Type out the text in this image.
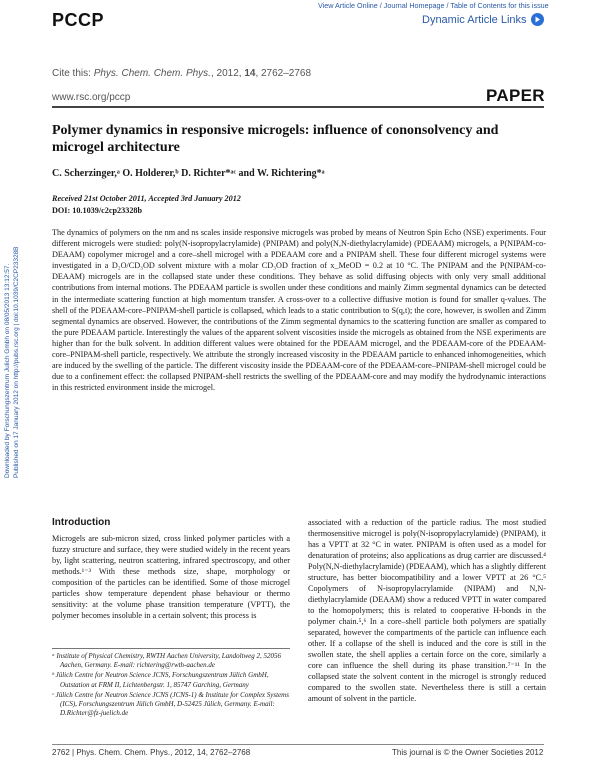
PCCP
View Article Online / Journal Homepage / Table of Contents for this issue
Dynamic Article Links
Cite this: Phys. Chem. Chem. Phys., 2012, 14, 2762–2768
www.rsc.org/pccp	PAPER
Polymer dynamics in responsive microgels: influence of cononsolvency and microgel architecture
C. Scherzinger,ᵃ O. Holderer,ᵇ D. Richter*ᵃᶜ and W. Richtering*ᵃ
Received 21st October 2011, Accepted 3rd January 2012
DOI: 10.1039/c2cp23328b

The dynamics of polymers on the nm and ns scales inside responsive microgels was probed by means of Neutron Spin Echo (NSE) experiments. Four different microgels were studied: poly(N-isopropylacrylamide) (PNIPAM) and poly(N,N-diethylacrylamide) (PDEAAM) microgels, a P(NIPAM-co-DEAAM) copolymer microgel and a core–shell microgel with a PDEAAM core and a PNIPAM shell. These four different microgel systems were investigated in a D₂O/CD₃OD solvent mixture with a molar CD₃OD fraction of x_MeOD = 0.2 at 10 °C. The PNIPAM and the P(NIPAM-co-DEAAM) microgels are in the collapsed state under these conditions. They behave as solid diffusing objects with only very small additional contributions from internal motions. The PDEAAM particle is swollen under these conditions and mainly Zimm segmental dynamics can be detected in the intermediate scattering function at high momentum transfer. A cross-over to a collective diffusive motion is found for smaller q-values. The shell of the PDEAAM-core–PNIPAM-shell particle is collapsed, which leads to a static contribution to S(q,t); the core, however, is swollen and Zimm segmental dynamics are observed. However, the contributions of the Zimm segmental dynamics to the scattering function are smaller as compared to the pure PDEAAM particle. Interestingly the values of the apparent solvent viscosities inside the microgels as obtained from the NSE experiments are higher than for the bulk solvent. In addition different values were obtained for the PDEAAM microgel, and the PDEAAM-core of the PDEAAM-core–PNIPAM-shell particle, respectively. We attribute the strongly increased viscosity in the PDEAAM particle to enhanced inhomogeneities, which are induced by the swelling of the particle. The different viscosity inside the PDEAAM-core of the PDEAAM-core–PNIPAM-shell microgel could be due to a confinement effect: the collapsed PNIPAM-shell restricts the swelling of the PDEAAM-core and may modify the hydrodynamic interactions in this restricted environment inside the microgel.

Downloaded by Forschungszentrum Julich Gmbh on 08/05/2013 13:12:57. Published on 17 January 2012 on http://pubs.rsc.org | doi:10.1039/C2CP23328B
Introduction

Microgels are sub-micron sized, cross linked polymer particles with a fuzzy structure and surface, they were studied widely in the recent years by, light scattering, neutron scattering, infrared spectroscopy, and other methods.¹⁻³ With these methods size, shape, morphology or composition of the particles can be identified. Some of those microgel particles show temperature dependent phase behaviour or thermo sensitivity: at the volume phase transition temperature (VPTT), the polymer becomes insoluble in a certain solvent; this process is

associated with a reduction of the particle radius. The most studied thermosensitive microgel is poly(N-isopropylacrylamide) (PNIPAM), it has a VPTT at 32 °C in water. PNIPAM is often used as a model for denaturation of proteins; also applications as drug carrier are discussed.⁴ Poly(N,N-diethylacrylamide) (PDEAAM), which has a slightly different structure, has better biocompatibility and a lower VPTT at 26 °C.⁵ Copolymers of N-isopropylacrylamide (NIPAM) and N,N-diethylacrylamide (DEAAM) show a reduced VPTT in water compared to the homopolymers; this is related to cooperative H-bonds in the polymer chain.⁵,⁶ In a core–shell particle both polymers are spatially separated, however the compartments of the particle can influence each other. If a collapse of the shell is induced and the core is still in the swollen state, the shell applies a certain force on the core, similarly a core can influence the shell during its phase transition.⁷⁻¹¹ In the collapsed state the solvent content in the microgel is strongly reduced compared to the swollen state. Nevertheless there is still a certain amount of solvent in the particle.

ᵃ Institute of Physical Chemistry, RWTH Aachen University, Landoltweg 2, 52056 Aachen, Germany. E-mail: richtering@rwth-aachen.de

ᵇ Jülich Centre for Neutron Science JCNS, Forschungszentrum Jülich GmbH, Outstation at FRM II, Lichtenbergstr. 1, 85747 Garching, Germany

ᶜ Jülich Centre for Neutron Science JCNS (JCNS-1) & Institute for Complex Systems (ICS), Forschungszentrum Jülich GmbH, D-52425 Jülich, Germany. E-mail: D.Richter@fz-juelich.de

2762 | Phys. Chem. Chem. Phys., 2012, 14, 2762–2768	This journal is © the Owner Societies 2012
